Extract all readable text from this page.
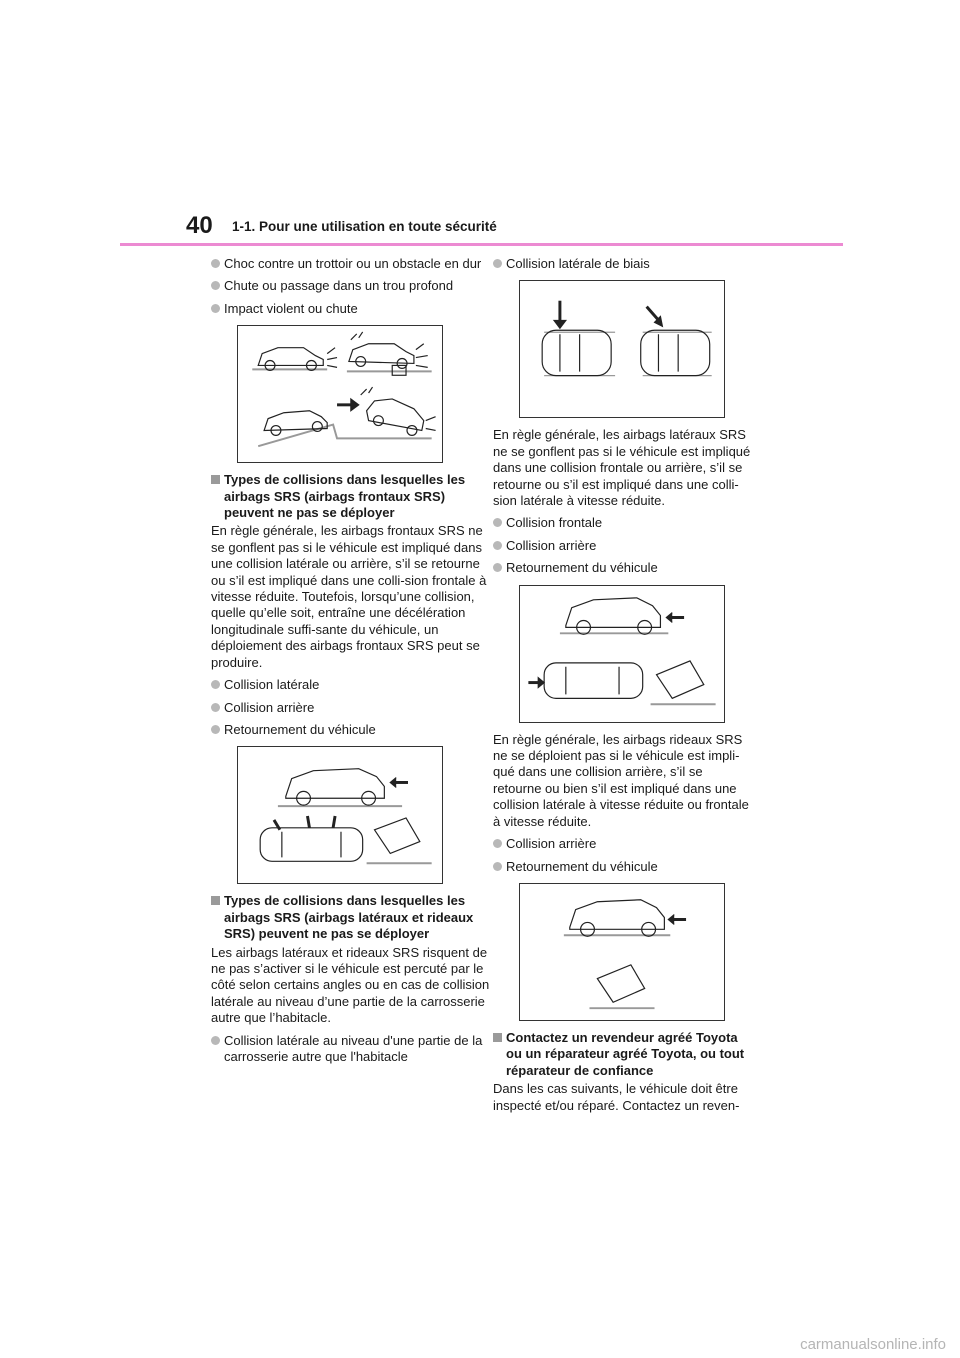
40 1-1. Pour une utilisation en toute sécurité
Choc contre un trottoir ou un obstacle en dur
Chute ou passage dans un trou profond
Impact violent ou chute
Types de collisions dans lesquelles les airbags SRS (airbags frontaux SRS) peuvent ne pas se déployer

En règle générale, les airbags frontaux SRS ne se gonflent pas si le véhicule est impliqué dans une collision latérale ou arrière, s’il se retourne ou s’il est impliqué dans une colli-sion frontale à vitesse réduite. Toutefois, lorsqu’une collision, quelle qu’elle soit, entraîne une décélération longitudinale suffi-sante du véhicule, un déploiement des airbags frontaux SRS peut se produire.

Collision latérale
Collision arrière
Retournement du véhicule
Types de collisions dans lesquelles les airbags SRS (airbags latéraux et rideaux SRS) peuvent ne pas se déployer

Les airbags latéraux et rideaux SRS risquent de ne pas s’activer si le véhicule est percuté par le côté selon certains angles ou en cas de collision latérale au niveau d’une partie de la carrosserie autre que l’habitacle.

Collision latérale au niveau d'une partie de la carrosserie autre que l'habitacle
Collision latérale de biais

En règle générale, les airbags latéraux SRS ne se gonflent pas si le véhicule est impliqué dans une collision frontale ou arrière, s’il se retourne ou s’il est impliqué dans une colli-sion latérale à vitesse réduite.

Collision frontale
Collision arrière
Retournement du véhicule

En règle générale, les airbags rideaux SRS ne se déploient pas si le véhicule est impli-qué dans une collision arrière, s’il se retourne ou bien s’il est impliqué dans une collision latérale à vitesse réduite ou frontale à vitesse réduite.

Collision arrière
Retournement du véhicule
Contactez un revendeur agréé Toyota ou un réparateur agréé Toyota, ou tout réparateur de confiance

Dans les cas suivants, le véhicule doit être inspecté et/ou réparé. Contactez un reven-

carmanualsonline.info
